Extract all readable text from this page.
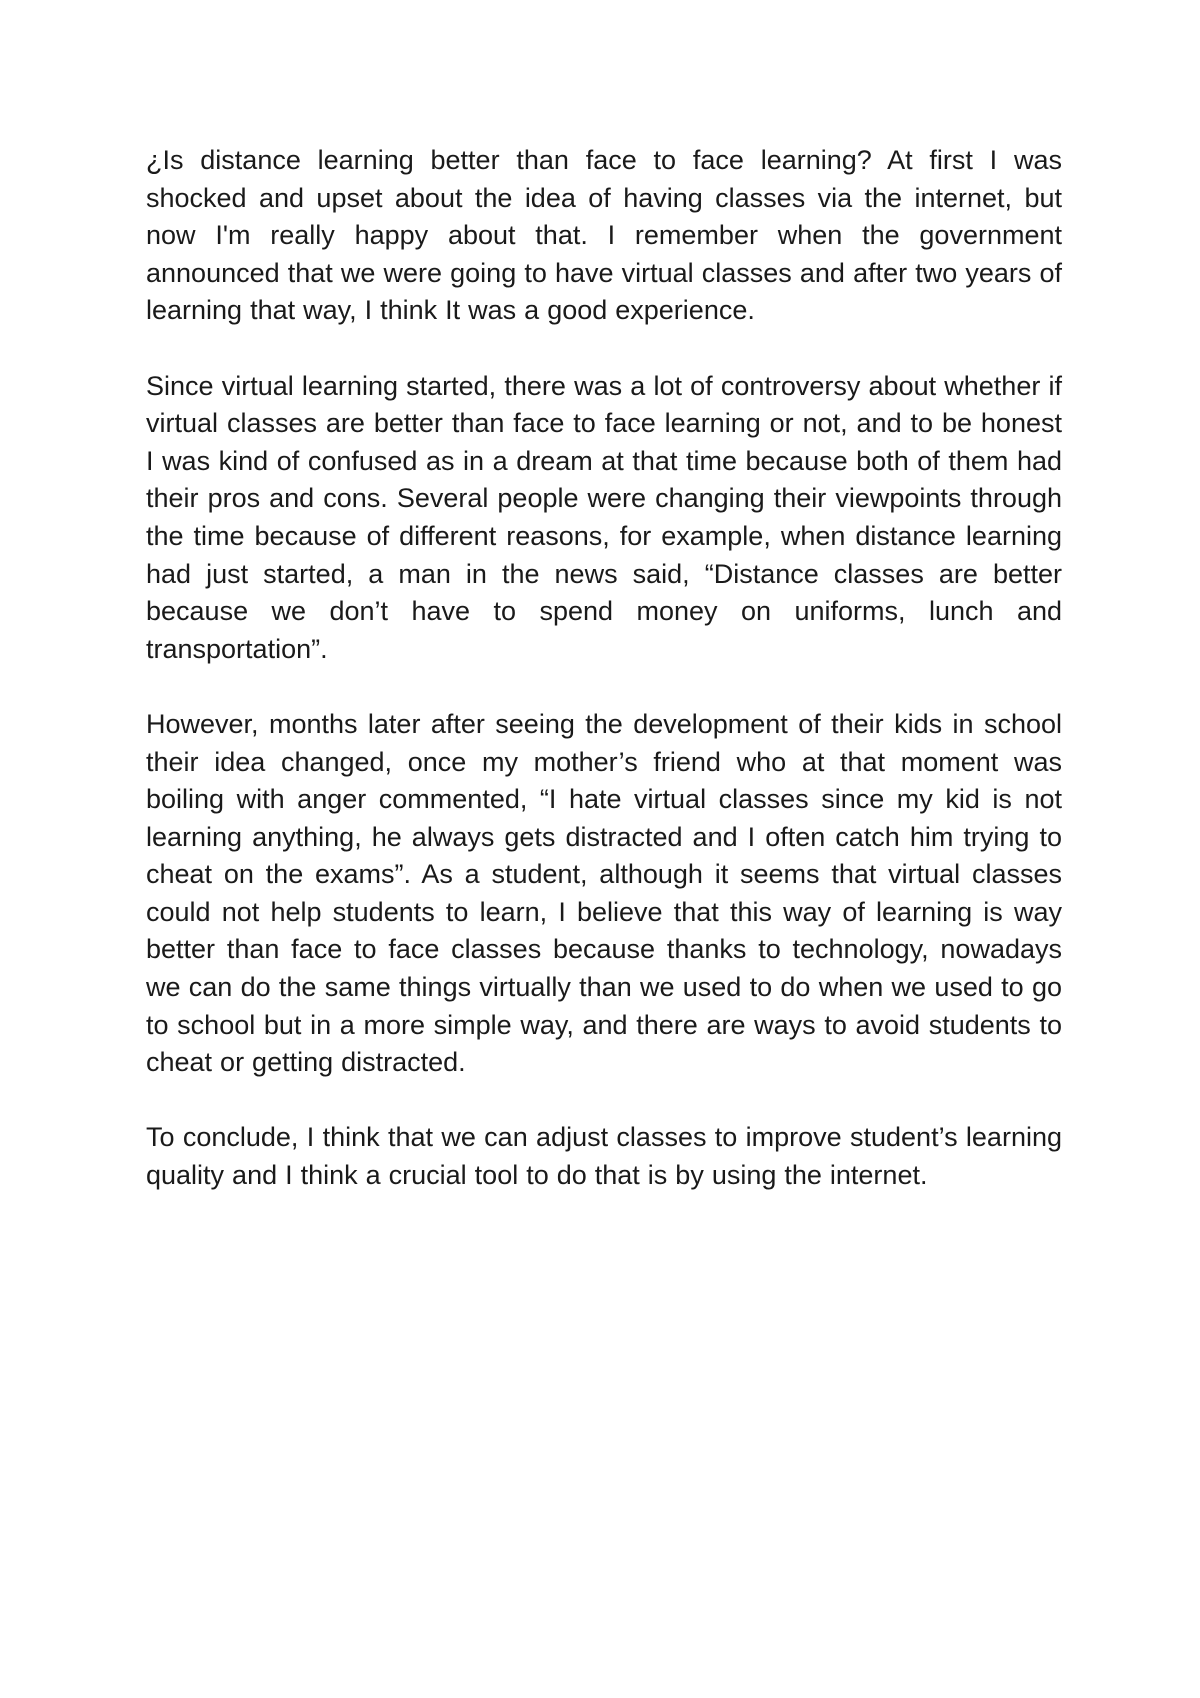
¿Is distance learning better than face to face learning? At first I was shocked and upset about the idea of having classes via the internet, but now I'm really happy about that. I remember when the government announced that we were going to have virtual classes and after two years of learning that way, I think It was a good experience.

Since virtual learning started, there was a lot of controversy about whether if virtual classes are better than face to face learning or not, and to be honest I was kind of confused as in a dream at that time because both of them had their pros and cons. Several people were changing their viewpoints through the time because of different reasons, for example, when distance learning had just started, a man in the news said, “Distance classes are better because we don’t have to spend money on uniforms, lunch and transportation”.

However, months later after seeing the development of their kids in school their idea changed, once my mother’s friend who at that moment was boiling with anger commented, “I hate virtual classes since my kid is not learning anything, he always gets distracted and I often catch him trying to cheat on the exams”. As a student, although it seems that virtual classes could not help students to learn, I believe that this way of learning is way better than face to face classes because thanks to technology, nowadays we can do the same things virtually than we used to do when we used to go to school but in a more simple way, and there are ways to avoid students to cheat or getting distracted.

To conclude, I think that we can adjust classes to improve student’s learning quality and I think a crucial tool to do that is by using the internet.
